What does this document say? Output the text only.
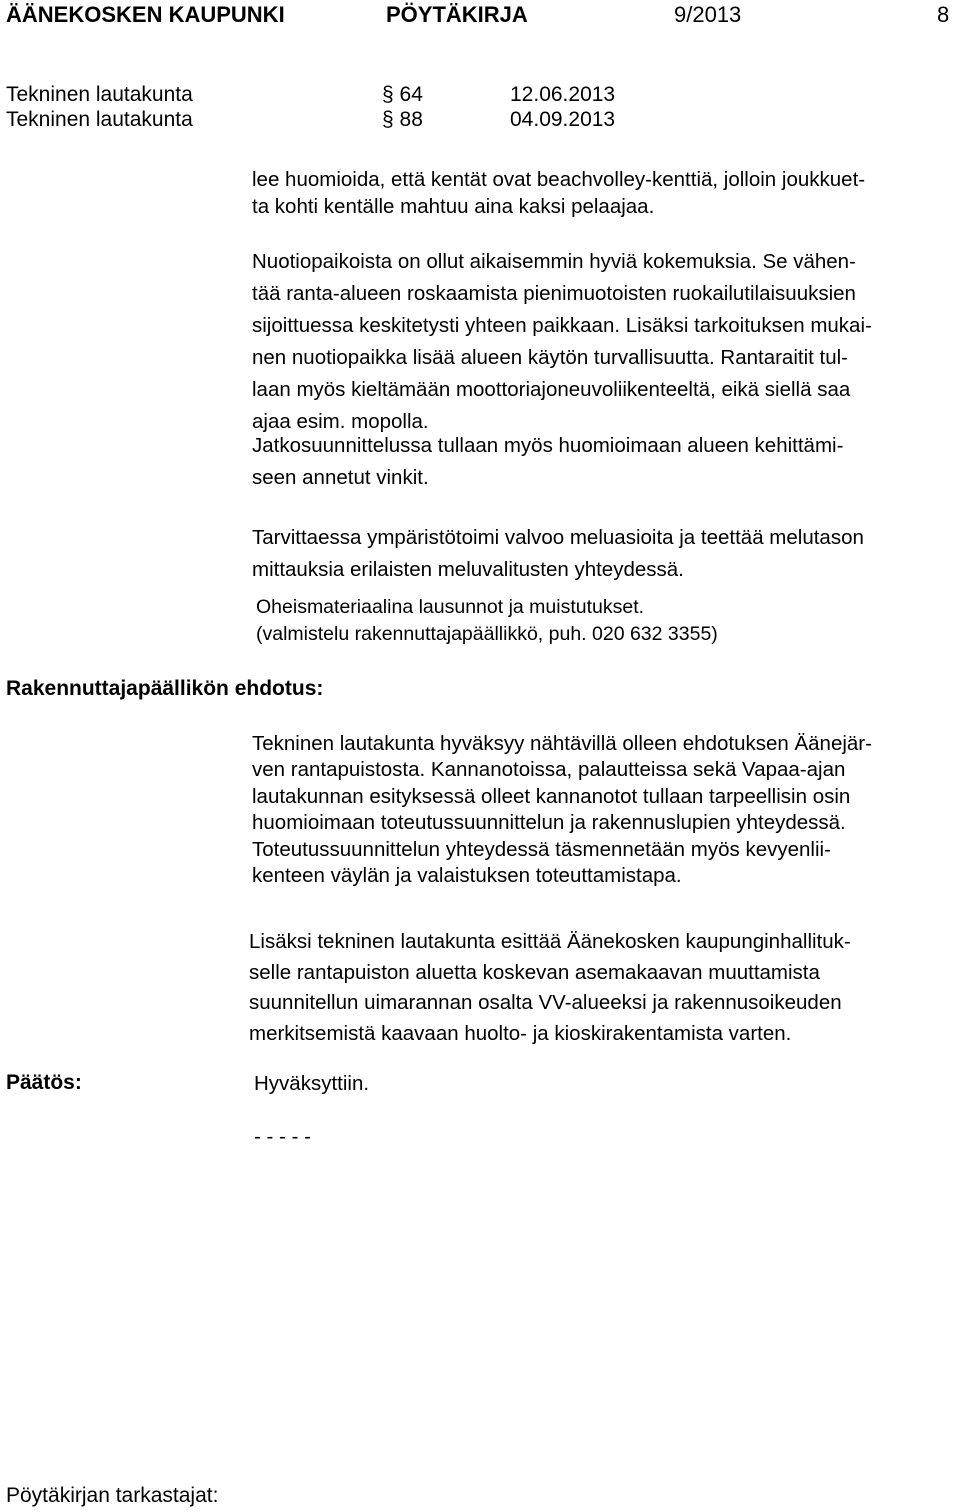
ÄÄNEKOSKEN KAUPUNKI	PÖYTÄKIRJA	9/2013	8
Tekninen lautakunta	§ 64	12.06.2013
Tekninen lautakunta	§ 88	04.09.2013
lee huomioida, että kentät ovat beachvolley-kenttiä, jolloin joukkuet-
ta kohti kentälle mahtuu aina kaksi pelaajaa.
Nuotiopaikoista on ollut aikaisemmin hyviä kokemuksia. Se vähen-
tää ranta-alueen roskaamista pienimuotoisten ruokailutilaisuuksien
sijoittuessa keskitetysti yhteen paikkaan. Lisäksi tarkoituksen mukai-
nen nuotiopaikka lisää alueen käytön turvallisuutta. Rantaraitit tul-
laan myös kieltämään moottoriajoneuvoliikenteeltä, eikä siellä saa
ajaa esim. mopolla.
Jatkosuunnittelussa tullaan myös huomioimaan alueen kehittämi-
seen annetut vinkit.
Tarvittaessa ympäristötoimi valvoo meluasioita ja teettää melutason
mittauksia erilaisten meluvalitusten yhteydessä.
Oheismateriaalina lausunnot ja muistutukset.
(valmistelu rakennuttajapäällikkö, puh. 020 632 3355)
Rakennuttajapäällikön ehdotus:
Tekninen lautakunta hyväksyy nähtävillä olleen ehdotuksen Äänejär-
ven rantapuistosta. Kannanotoissa, palautteissa sekä Vapaa-ajan
lautakunnan esityksessä olleet kannanotot tullaan tarpeellisin osin
huomioimaan toteutussuunnittelun ja rakennuslupien yhteydessä.
Toteutussuunnittelun yhteydessä täsmennetään myös kevyenlii-
kenteen väylän ja valaistuksen toteuttamistapa.
Lisäksi tekninen lautakunta esittää Äänekosken kaupunginhallituk-
selle rantapuiston aluetta koskevan asemakaavan muuttamista
suunnitellun uimarannan osalta VV-alueeksi ja rakennusoikeuden
merkitsemistä kaavaan huolto- ja kioskirakentamista varten.
Päätös:	Hyväksyttiin.
- - - - -
Pöytäkirjan tarkastajat:
